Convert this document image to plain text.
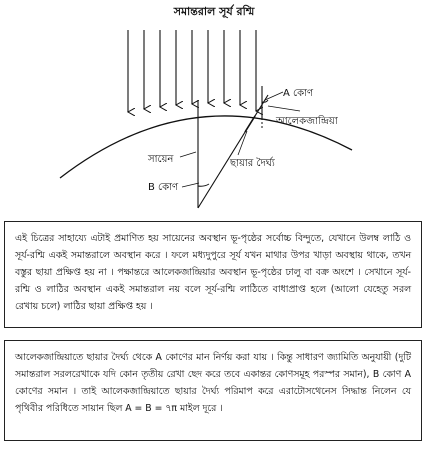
সমান্তরাল সূর্য রশ্মি
A কোণ
আলেকজান্দ্রিয়া
সায়েন	ছায়ার দৈর্ঘ্য
B কোণ

এই চিত্রের সাহায্যে এটাই প্রমাণিত হয় সায়েনের অবস্থান ভূ-পৃষ্ঠের সর্বোচ্চ বিন্দুতে, যেখানে উলম্ব লাঠি ও সূর্য-রশ্মি একই সমান্তরালে অবস্থান করে । ফলে মধ্যদুপুরে সূর্য যখন মাথার উপর খাড়া অবস্থায় থাকে, তখন বস্তুর ছায়া প্রক্ষিপ্ত হয় না । পক্ষান্তরে আলেকজান্দ্রিয়ার অবস্থান ভূ-পৃষ্ঠের ঢালু বা বক্র অংশে । সেখানে সূর্য-রশ্মি ও লাঠির অবস্থান একই সমান্তরাল নয় বলে সূর্য-রশ্মি লাঠিতে বাধাপ্রাপ্ত হলে (আলো যেহেতু সরল রেখায় চলে) লাঠির ছায়া প্রক্ষিপ্ত হয় ।

আলেকজান্দ্রিয়াতে ছায়ার দৈর্ঘ্য থেকে A কোণের মান নির্ণয় করা যায় । কিন্তু সাধারণ জ্যামিতি অনুযায়ী (দুটি সমান্তরাল সরলরেখাকে যদি কোন তৃতীয় রেখা ছেদ করে তবে একান্তর কোণসমূহ পরস্পর সমান), B কোণ A কোণের সমান । তাই আলেকজান্দ্রিয়াতে ছায়ার দৈর্ঘ্য পরিমাপ করে এরাটোসথেনেস সিদ্ধান্ত নিলেন যে পৃথিবীর পরিধিতে সায়ান ছিল A = B = ৭π মাইল দূরে ।
